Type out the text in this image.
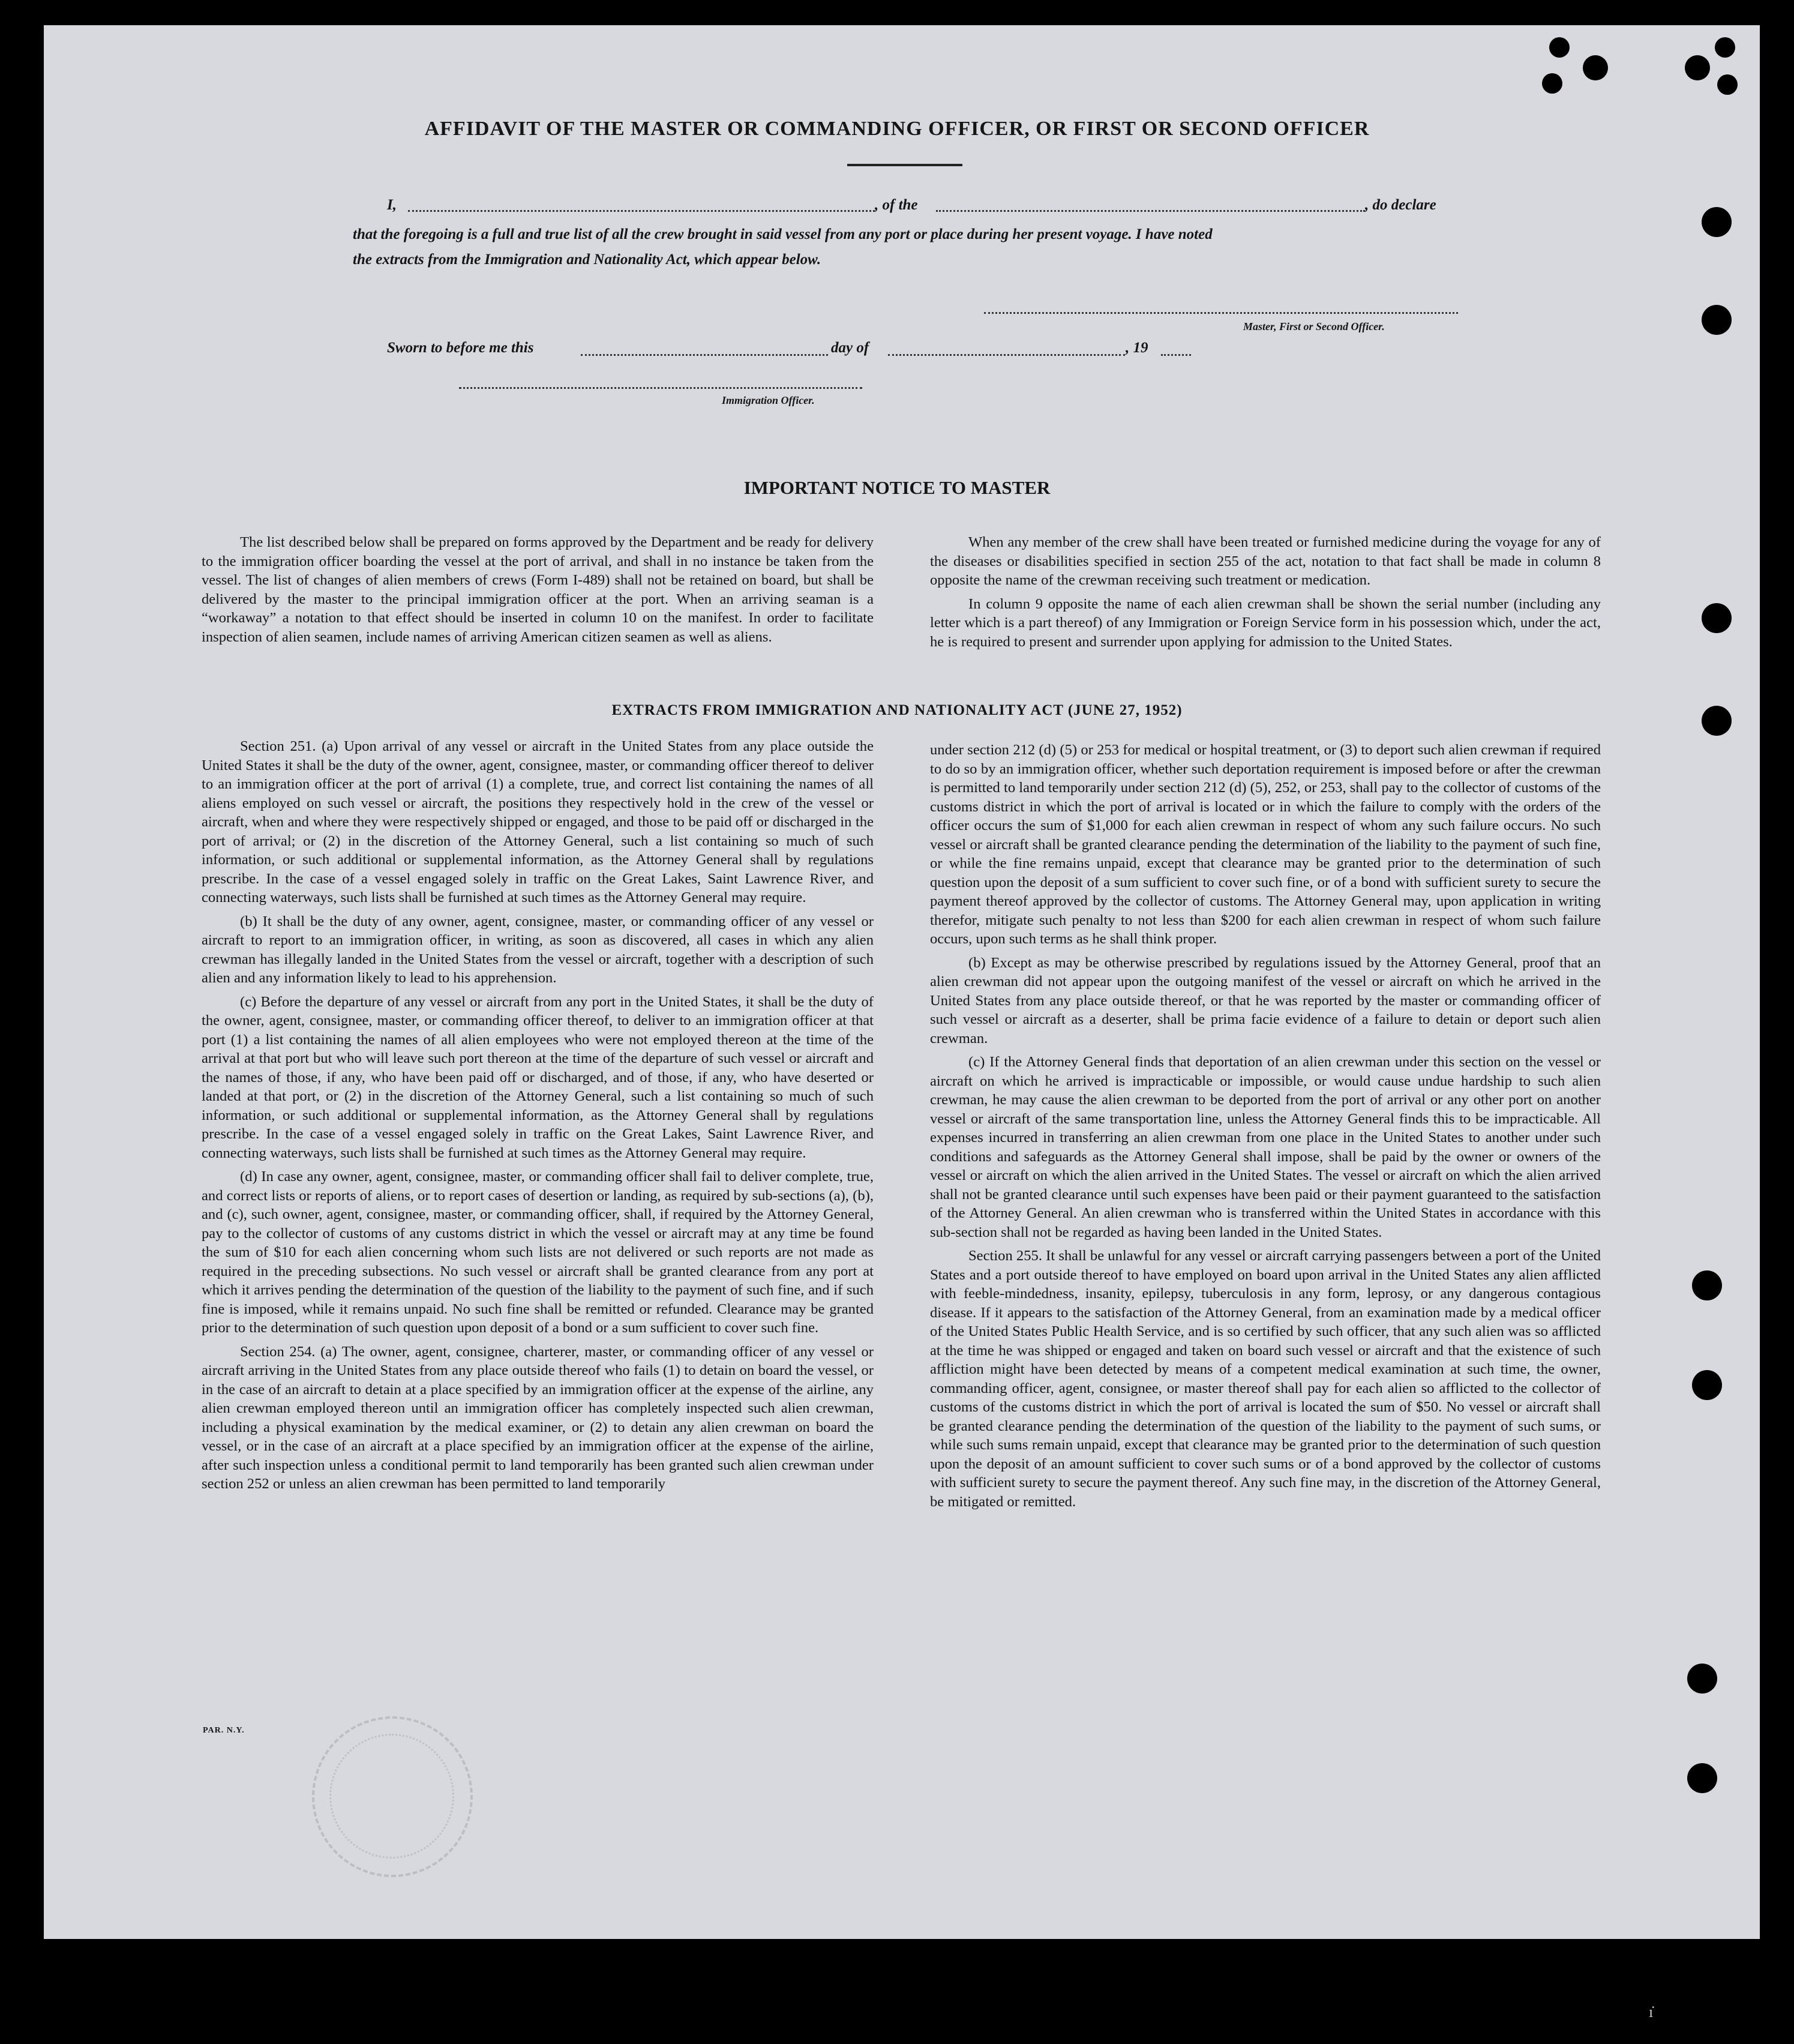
AFFIDAVIT OF THE MASTER OR COMMANDING OFFICER, OR FIRST OR SECOND OFFICER
I,	, of the	, do declare
that the foregoing is a full and true list of all the crew brought in said vessel from any port or place during her present voyage. I have noted
the extracts from the Immigration and Nationality Act, which appear below.
Master, First or Second Officer.
Sworn to before me this	day of	, 19
Immigration Officer.
IMPORTANT NOTICE TO MASTER

The list described below shall be prepared on forms approved by the Department and be ready for delivery to the immigration officer boarding the vessel at the port of arrival, and shall in no instance be taken from the vessel. The list of changes of alien members of crews (Form I-489) shall not be retained on board, but shall be delivered by the master to the principal immigration officer at the port. When an arriving seaman is a “workaway” a notation to that effect should be inserted in column 10 on the manifest. In order to facilitate inspection of alien seamen, include names of arriving American citizen seamen as well as aliens.

When any member of the crew shall have been treated or furnished medicine during the voyage for any of the diseases or disabilities specified in section 255 of the act, notation to that fact shall be made in column 8 opposite the name of the crewman receiving such treatment or medication.

In column 9 opposite the name of each alien crewman shall be shown the serial number (including any letter which is a part thereof) of any Immigration or Foreign Service form in his possession which, under the act, he is required to present and surrender upon applying for admission to the United States.

EXTRACTS FROM IMMIGRATION AND NATIONALITY ACT (JUNE 27, 1952)

Section 251. (a) Upon arrival of any vessel or aircraft in the United States from any place outside the United States it shall be the duty of the owner, agent, consignee, master, or commanding officer thereof to deliver to an immigration officer at the port of arrival (1) a complete, true, and correct list containing the names of all aliens employed on such vessel or aircraft, the positions they respectively hold in the crew of the vessel or aircraft, when and where they were respectively shipped or engaged, and those to be paid off or discharged in the port of arrival; or (2) in the discretion of the Attorney General, such a list containing so much of such information, or such additional or supplemental information, as the Attorney General shall by regulations prescribe. In the case of a vessel engaged solely in traffic on the Great Lakes, Saint Lawrence River, and connecting waterways, such lists shall be furnished at such times as the Attorney General may require.

(b) It shall be the duty of any owner, agent, consignee, master, or commanding officer of any vessel or aircraft to report to an immigration officer, in writing, as soon as discovered, all cases in which any alien crewman has illegally landed in the United States from the vessel or aircraft, together with a description of such alien and any information likely to lead to his apprehension.

(c) Before the departure of any vessel or aircraft from any port in the United States, it shall be the duty of the owner, agent, consignee, master, or commanding officer thereof, to deliver to an immigration officer at that port (1) a list containing the names of all alien employees who were not employed thereon at the time of the arrival at that port but who will leave such port thereon at the time of the departure of such vessel or aircraft and the names of those, if any, who have been paid off or discharged, and of those, if any, who have deserted or landed at that port, or (2) in the discretion of the Attorney General, such a list containing so much of such information, or such additional or supplemental information, as the Attorney General shall by regulations prescribe. In the case of a vessel engaged solely in traffic on the Great Lakes, Saint Lawrence River, and connecting waterways, such lists shall be furnished at such times as the Attorney General may require.

(d) In case any owner, agent, consignee, master, or commanding officer shall fail to deliver complete, true, and correct lists or reports of aliens, or to report cases of desertion or landing, as required by sub-sections (a), (b), and (c), such owner, agent, consignee, master, or commanding officer, shall, if required by the Attorney General, pay to the collector of customs of any customs district in which the vessel or aircraft may at any time be found the sum of $10 for each alien concerning whom such lists are not delivered or such reports are not made as required in the preceding subsections. No such vessel or aircraft shall be granted clearance from any port at which it arrives pending the determination of the question of the liability to the payment of such fine, and if such fine is imposed, while it remains unpaid. No such fine shall be remitted or refunded. Clearance may be granted prior to the determination of such question upon deposit of a bond or a sum sufficient to cover such fine.

Section 254. (a) The owner, agent, consignee, charterer, master, or commanding officer of any vessel or aircraft arriving in the United States from any place outside thereof who fails (1) to detain on board the vessel, or in the case of an aircraft to detain at a place specified by an immigration officer at the expense of the airline, any alien crewman employed thereon until an immigration officer has completely inspected such alien crewman, including a physical examination by the medical examiner, or (2) to detain any alien crewman on board the vessel, or in the case of an aircraft at a place specified by an immigration officer at the expense of the airline, after such inspection unless a conditional permit to land temporarily has been granted such alien crewman under section 252 or unless an alien crewman has been permitted to land temporarily

under section 212 (d) (5) or 253 for medical or hospital treatment, or (3) to deport such alien crewman if required to do so by an immigration officer, whether such deportation requirement is imposed before or after the crewman is permitted to land temporarily under section 212 (d) (5), 252, or 253, shall pay to the collector of customs of the customs district in which the port of arrival is located or in which the failure to comply with the orders of the officer occurs the sum of $1,000 for each alien crewman in respect of whom any such failure occurs. No such vessel or aircraft shall be granted clearance pending the determination of the liability to the payment of such fine, or while the fine remains unpaid, except that clearance may be granted prior to the determination of such question upon the deposit of a sum sufficient to cover such fine, or of a bond with sufficient surety to secure the payment thereof approved by the collector of customs. The Attorney General may, upon application in writing therefor, mitigate such penalty to not less than $200 for each alien crewman in respect of whom such failure occurs, upon such terms as he shall think proper.

(b) Except as may be otherwise prescribed by regulations issued by the Attorney General, proof that an alien crewman did not appear upon the outgoing manifest of the vessel or aircraft on which he arrived in the United States from any place outside thereof, or that he was reported by the master or commanding officer of such vessel or aircraft as a deserter, shall be prima facie evidence of a failure to detain or deport such alien crewman.

(c) If the Attorney General finds that deportation of an alien crewman under this section on the vessel or aircraft on which he arrived is impracticable or impossible, or would cause undue hardship to such alien crewman, he may cause the alien crewman to be deported from the port of arrival or any other port on another vessel or aircraft of the same transportation line, unless the Attorney General finds this to be impracticable. All expenses incurred in transferring an alien crewman from one place in the United States to another under such conditions and safeguards as the Attorney General shall impose, shall be paid by the owner or owners of the vessel or aircraft on which the alien arrived in the United States. The vessel or aircraft on which the alien arrived shall not be granted clearance until such expenses have been paid or their payment guaranteed to the satisfaction of the Attorney General. An alien crewman who is transferred within the United States in accordance with this sub-section shall not be regarded as having been landed in the United States.

Section 255. It shall be unlawful for any vessel or aircraft carrying passengers between a port of the United States and a port outside thereof to have employed on board upon arrival in the United States any alien afflicted with feeble-mindedness, insanity, epilepsy, tuberculosis in any form, leprosy, or any dangerous contagious disease. If it appears to the satisfaction of the Attorney General, from an examination made by a medical officer of the United States Public Health Service, and is so certified by such officer, that any such alien was so afflicted at the time he was shipped or engaged and taken on board such vessel or aircraft and that the existence of such affliction might have been detected by means of a competent medical examination at such time, the owner, commanding officer, agent, consignee, or master thereof shall pay for each alien so afflicted to the collector of customs of the customs district in which the port of arrival is located the sum of $50. No vessel or aircraft shall be granted clearance pending the determination of the question of the liability to the payment of such sums, or while such sums remain unpaid, except that clearance may be granted prior to the determination of such question upon the deposit of an amount sufficient to cover such sums or of a bond approved by the collector of customs with sufficient surety to secure the payment thereof. Any such fine may, in the discretion of the Attorney General, be mitigated or remitted.

PAR. N.Y.
ı̇
